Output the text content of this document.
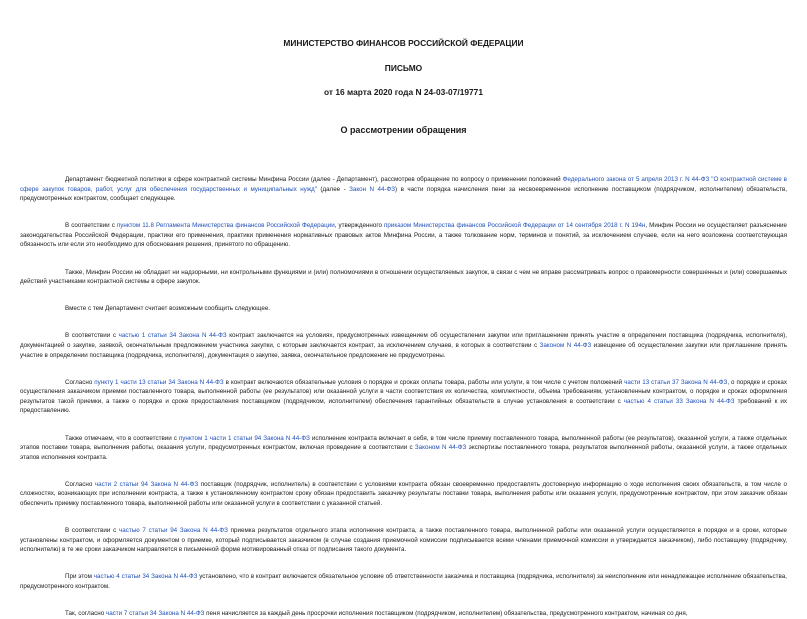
МИНИСТЕРСТВО ФИНАНСОВ РОССИЙСКОЙ ФЕДЕРАЦИИ
ПИСЬМО
от 16 марта 2020 года N 24-03-07/19771
О рассмотрении обращения

Департамент бюджетной политики в сфере контрактной системы Минфина России (далее - Департамент), рассмотрев обращение по вопросу о применении положений Федерального закона от 5 апреля 2013 г. N 44-ФЗ "О контрактной системе в сфере закупок товаров, работ, услуг для обеспечения государственных и муниципальных нужд" (далее - Закон N 44-ФЗ) в части порядка начисления пени за несвоевременное исполнение поставщиком (подрядчиком, исполнителем) обязательств, предусмотренных контрактом, сообщает следующее.

В соответствии с пунктом 11.8 Регламента Министерства финансов Российской Федерации, утвержденного приказом Министерства финансов Российской Федерации от 14 сентября 2018 г. N 194н, Минфин России не осуществляет разъяснение законодательства Российской Федерации, практики его применения, практики применения нормативных правовых актов Минфина России, а также толкование норм, терминов и понятий, за исключением случаев, если на него возложена соответствующая обязанность или если это необходимо для обоснования решения, принятого по обращению.

Также, Минфин России не обладает ни надзорными, ни контрольными функциями и (или) полномочиями в отношении осуществляемых закупок, в связи с чем не вправе рассматривать вопрос о правомерности совершенных и (или) совершаемых действий участниками контрактной системы в сфере закупок.

Вместе с тем Департамент считает возможным сообщить следующее.

В соответствии с частью 1 статьи 34 Закона N 44-ФЗ контракт заключается на условиях, предусмотренных извещением об осуществлении закупки или приглашением принять участие в определении поставщика (подрядчика, исполнителя), документацией о закупке, заявкой, окончательным предложением участника закупки, с которым заключается контракт, за исключением случаев, в которых в соответствии с Законом N 44-ФЗ извещение об осуществлении закупки или приглашение принять участие в определении поставщика (подрядчика, исполнителя), документация о закупке, заявка, окончательное предложение не предусмотрены.

Согласно пункту 1 части 13 статьи 34 Закона N 44-ФЗ в контракт включаются обязательные условия о порядке и сроках оплаты товара, работы или услуги, в том числе с учетом положений части 13 статьи 37 Закона N 44-ФЗ, о порядке и сроках осуществления заказчиком приемки поставленного товара, выполненной работы (ее результатов) или оказанной услуги в части соответствия их количества, комплектности, объема требованиям, установленным контрактом, о порядке и сроках оформления результатов такой приемки, а также о порядке и сроке предоставления поставщиком (подрядчиком, исполнителем) обеспечения гарантийных обязательств в случае установления в соответствии с частью 4 статьи 33 Закона N 44-ФЗ требований к их предоставлению.

Также отмечаем, что в соответствии с пунктом 1 части 1 статьи 94 Закона N 44-ФЗ исполнение контракта включает в себя, в том числе приемку поставленного товара, выполненной работы (ее результатов), оказанной услуги, а также отдельных этапов поставки товара, выполнения работы, оказания услуги, предусмотренных контрактом, включая проведение в соответствии с Законом N 44-ФЗ экспертизы поставленного товара, результатов выполненной работы, оказанной услуги, а также отдельных этапов исполнения контракта.

Согласно части 2 статьи 94 Закона N 44-ФЗ поставщик (подрядчик, исполнитель) в соответствии с условиями контракта обязан своевременно предоставлять достоверную информацию о ходе исполнения своих обязательств, в том числе о сложностях, возникающих при исполнении контракта, а также к установленному контрактом сроку обязан предоставить заказчику результаты поставки товара, выполнения работы или оказания услуги, предусмотренные контрактом, при этом заказчик обязан обеспечить приемку поставленного товара, выполненной работы или оказанной услуги в соответствии с указанной статьей.

В соответствии с частью 7 статьи 94 Закона N 44-ФЗ приемка результатов отдельного этапа исполнения контракта, а также поставленного товара, выполненной работы или оказанной услуги осуществляется в порядке и в сроки, которые установлены контрактом, и оформляется документом о приемке, который подписывается заказчиком (в случае создания приемочной комиссии подписывается всеми членами приемочной комиссии и утверждается заказчиком), либо поставщику (подрядчику, исполнителю) в те же сроки заказчиком направляется в письменной форме мотивированный отказ от подписания такого документа.

При этом частью 4 статьи 34 Закона N 44-ФЗ установлено, что в контракт включается обязательное условие об ответственности заказчика и поставщика (подрядчика, исполнителя) за неисполнение или ненадлежащее исполнение обязательства, предусмотренного контрактом.

Так, согласно части 7 статьи 34 Закона N 44-ФЗ пеня начисляется за каждый день просрочки исполнения поставщиком (подрядчиком, исполнителем) обязательства, предусмотренного контрактом, начиная со дня,
